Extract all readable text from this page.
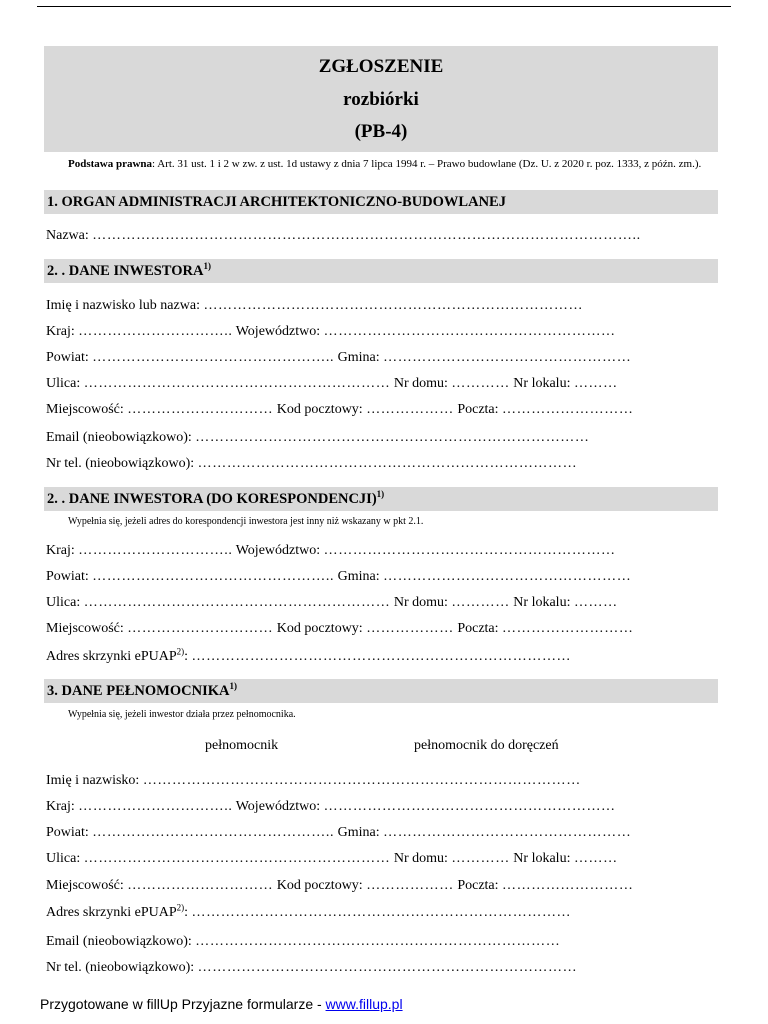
ZGŁOSZENIE
rozbiórki
(PB-4)
Podstawa prawna: Art. 31 ust. 1 i 2 w zw. z ust. 1d ustawy z dnia 7 lipca 1994 r. – Prawo budowlane (Dz. U. z 2020 r. poz. 1333, z późn. zm.).
1. ORGAN ADMINISTRACJI ARCHITEKTONICZNO-BUDOWLANEJ
Nazwa: …………………………………………………………………………………………………..
2. . DANE INWESTORA$^{1)}$
Imię i nazwisko lub nazwa: ……………………………………………………………………
Kraj: ………………………….. Województwo: ……………………………………………………
Powiat: ………………………………………….. Gmina: ……………………………………………
Ulica: ……………………………………………………… Nr domu: ………… Nr lokalu: ………
Miejscowość: ………………………… Kod pocztowy: ……………… Poczta: ………………………
Email (nieobowiązkowo): ………………………………………………………………………
Nr tel. (nieobowiązkowo): ……………………………………………………………………
2. . DANE INWESTORA (DO KORESPONDENCJI)$^{1)}$
Wypełnia się, jeżeli adres do korespondencji inwestora jest inny niż wskazany w pkt 2.1.
Kraj: ………………………….. Województwo: ……………………………………………………
Powiat: ………………………………………….. Gmina: ……………………………………………
Ulica: ……………………………………………………… Nr domu: ………… Nr lokalu: ………
Miejscowość: ………………………… Kod pocztowy: ……………… Poczta: ………………………
Adres skrzynki ePUAP$^{2)}$: ……………………………………………………………………
3. DANE PEŁNOMOCNIKA$^{1)}$
Wypełnia się, jeżeli inwestor działa przez pełnomocnika.
pełnomocnik	pełnomocnik do doręczeń
Imię i nazwisko: ………………………………………………………………………………
Kraj: ………………………….. Województwo: ……………………………………………………
Powiat: ………………………………………….. Gmina: ……………………………………………
Ulica: ……………………………………………………… Nr domu: ………… Nr lokalu: ………
Miejscowość: ………………………… Kod pocztowy: ……………… Poczta: ………………………
Adres skrzynki ePUAP$^{2)}$: ……………………………………………………………………
Email (nieobowiązkowo): …………………………………………………………………
Nr tel. (nieobowiązkowo): ……………………………………………………………………
Przygotowane w fillUp Przyjazne formularze - www.fillup.pl
